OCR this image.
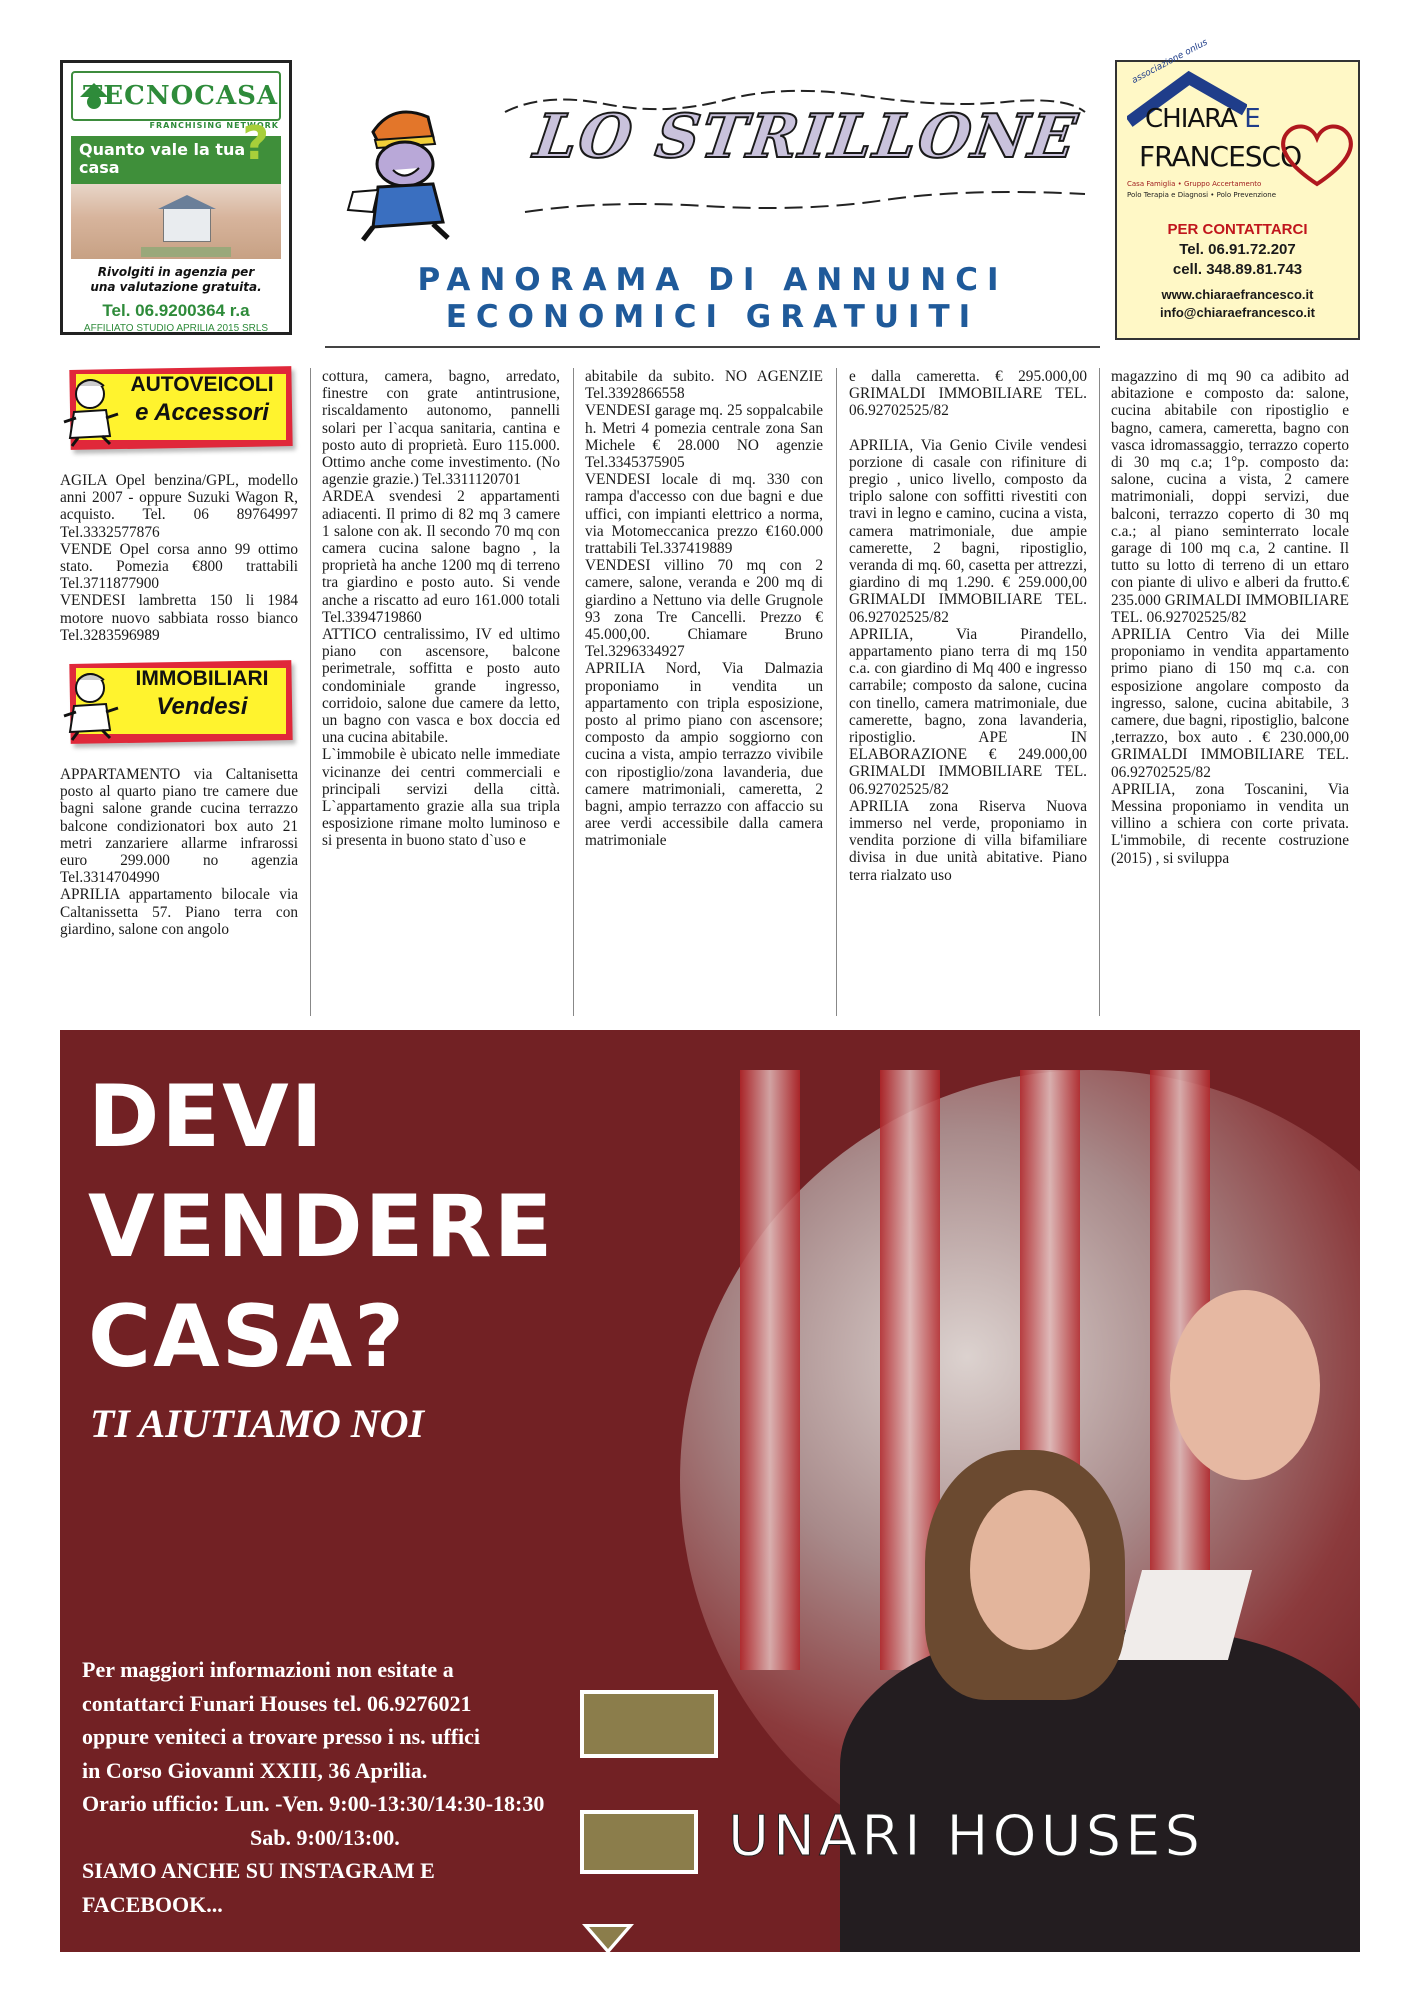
TECNOCASA
FRANCHISING NETWORK
Quanto vale la tua casa	?
Rivolgiti in agenzia per
una valutazione gratuita.
Tel. 06.9200364 r.a
AFFILIATO STUDIO APRILIA 2015 SRLS
LO STRILLONE
PANORAMA DI ANNUNCI
ECONOMICI GRATUITI
associazione onlus
CHIARA E
FRANCESCO
Casa Famiglia • Gruppo Accertamento
Polo Terapia e Diagnosi • Polo Prevenzione
PER CONTATTARCI
Tel. 06.91.72.207
cell. 348.89.81.743
www.chiaraefrancesco.it
info@chiaraefrancesco.it
AUTOVEICOLI
e Accessori

AGILA Opel benzina/GPL, modello anni 2007 - oppure Suzuki Wagon R, acquisto. Tel. 06 89764997 Tel.3332577876

VENDE Opel corsa anno 99 ottimo stato. Pomezia €800 trattabili Tel.3711877900

VENDESI lambretta 150 li 1984 motore nuovo sabbiata rosso bianco Tel.3283596989

IMMOBILIARI
Vendesi

APPARTAMENTO via Caltanisetta posto al quarto piano tre camere due bagni salone grande cucina terrazzo balcone condizionatori box auto 21 metri zanzariere allarme infrarossi euro 299.000 no agenzia Tel.3314704990

APRILIA appartamento bilocale via Caltanissetta 57. Piano terra con giardino, salone con angolo

cottura, camera, bagno, arredato, finestre con grate antintrusione, riscaldamento autonomo, pannelli solari per l`acqua sanitaria, cantina e posto auto di proprietà. Euro 115.000. Ottimo anche come investimento. (No agenzie grazie.) Tel.3311120701

ARDEA svendesi 2 appartamenti adiacenti. Il primo di 82 mq 3 camere 1 salone con ak. Il secondo 70 mq con camera cucina salone bagno , la proprietà ha anche 1200 mq di terreno tra giardino e posto auto. Si vende anche a riscatto ad euro 161.000 totali Tel.3394719860

ATTICO centralissimo, IV ed ultimo piano con ascensore, balcone perimetrale, soffitta e posto auto condominiale grande ingresso, corridoio, salone due camere da letto, un bagno con vasca e box doccia ed una cucina abitabile.

L`immobile è ubicato nelle immediate vicinanze dei centri commerciali e principali servizi della città. L`appartamento grazie alla sua tripla esposizione rimane molto luminoso e si presenta in buono stato d`uso e

abitabile da subito. NO AGENZIE Tel.3392866558

VENDESI garage mq. 25 soppalcabile h. Metri 4 pomezia centrale zona San Michele € 28.000 NO agenzie Tel.3345375905

VENDESI locale di mq. 330 con rampa d'accesso con due bagni e due uffici, con impianti elettrico a norma, via Motomeccanica prezzo €160.000 trattabili Tel.337419889

VENDESI villino 70 mq con 2 camere, salone, veranda e 200 mq di giardino a Nettuno via delle Grugnole 93 zona Tre Cancelli. Prezzo € 45.000,00. Chiamare Bruno Tel.3296334927

APRILIA Nord, Via Dalmazia proponiamo in vendita un appartamento con tripla esposizione, posto al primo piano con ascensore; composto da ampio soggiorno con cucina a vista, ampio terrazzo vivibile con ripostiglio/zona lavanderia, due camere matrimoniali, cameretta, 2 bagni, ampio terrazzo con affaccio su aree verdi accessibile dalla camera matrimoniale

e dalla cameretta. € 295.000,00 GRIMALDI IMMOBILIARE TEL. 06.92702525/82

APRILIA, Via Genio Civile vendesi porzione di casale con rifiniture di pregio , unico livello, composto da triplo salone con soffitti rivestiti con travi in legno e camino, cucina a vista, camera matrimoniale, due ampie camerette, 2 bagni, ripostiglio, veranda di mq. 60, casetta per attrezzi, giardino di mq 1.290. € 259.000,00 GRIMALDI IMMOBILIARE TEL. 06.92702525/82

APRILIA, Via Pirandello, appartamento piano terra di mq 150 c.a. con giardino di Mq 400 e ingresso carrabile; composto da salone, cucina con tinello, camera matrimoniale, due camerette, bagno, zona lavanderia, ripostiglio. APE IN ELABORAZIONE € 249.000,00 GRIMALDI IMMOBILIARE TEL. 06.92702525/82

APRILIA zona Riserva Nuova immerso nel verde, proponiamo in vendita porzione di villa bifamiliare divisa in due unità abitative. Piano terra rialzato uso

magazzino di mq 90 ca adibito ad abitazione e composto da: salone, cucina abitabile con ripostiglio e bagno, camera, cameretta, bagno con vasca idromassaggio, terrazzo coperto di 30 mq c.a; 1°p. composto da: salone, cucina a vista, 2 camere matrimoniali, doppi servizi, due balconi, terrazzo coperto di 30 mq c.a.; al piano seminterrato locale garage di 100 mq c.a, 2 cantine. Il tutto su lotto di terreno di un ettaro con piante di ulivo e alberi da frutto.€ 235.000 GRIMALDI IMMOBILIARE TEL. 06.92702525/82

APRILIA Centro Via dei Mille proponiamo in vendita appartamento primo piano di 150 mq c.a. con esposizione angolare composto da ingresso, salone, cucina abitabile, 3 camere, due bagni, ripostiglio, balcone ,terrazzo, box auto . € 230.000,00 GRIMALDI IMMOBILIARE TEL. 06.92702525/82

APRILIA, zona Toscanini, Via Messina proponiamo in vendita un villino a schiera con corte privata. L'immobile, di recente costruzione (2015) , si sviluppa

DEVI
VENDERE
CASA?
TI AIUTIAMO NOI
Per maggiori informazioni non esitate a
contattarci Funari Houses tel. 06.9276021
oppure veniteci a trovare presso i ns. uffici
in Corso Giovanni XXIII, 36 Aprilia.
Orario ufficio: Lun. -Ven. 9:00-13:30/14:30-18:30
Sab. 9:00/13:00.
SIAMO ANCHE SU INSTAGRAM E
FACEBOOK...
UNARI HOUSES
